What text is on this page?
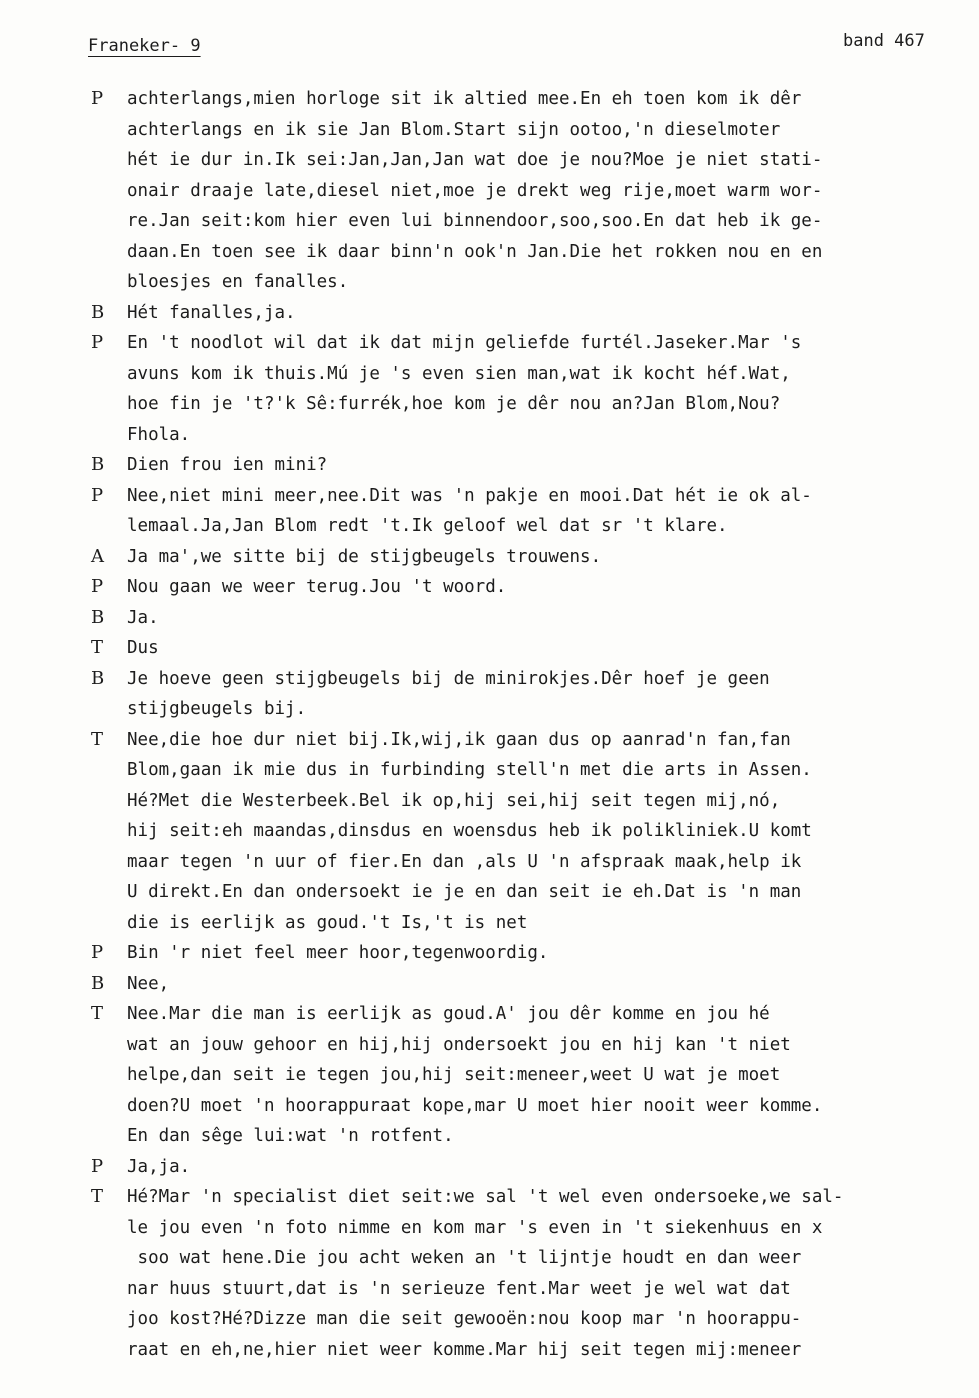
Franeker- 9	band 467
P	achterlangs,mien horloge sit ik altied mee.En eh toen kom ik dêr
achterlangs en ik sie Jan Blom.Start sijn ootoo,'n dieselmoter
hét ie dur in.Ik sei:Jan,Jan,Jan wat doe je nou?Moe je niet stati-
onair draaje late,diesel niet,moe je drekt weg rije,moet warm wor-
re.Jan seit:kom hier even lui binnendoor,soo,soo.En dat heb ik ge-
daan.En toen see ik daar binn'n ook'n Jan.Die het rokken nou en en
bloesjes en fanalles.
B	Hét fanalles,ja.
P	En 't noodlot wil dat ik dat mijn geliefde furtél.Jaseker.Mar 's
avuns kom ik thuis.Mú je 's even sien man,wat ik kocht héf.Wat,
hoe fin je 't?'k Sê:furrék,hoe kom je dêr nou an?Jan Blom,Nou?
Fhola.
B	Dien frou ien mini?
P	Nee,niet mini meer,nee.Dit was 'n pakje en mooi.Dat hét ie ok al-
lemaal.Ja,Jan Blom redt 't.Ik geloof wel dat sr 't klare.
A	Ja ma',we sitte bij de stijgbeugels trouwens.
P	Nou gaan we weer terug.Jou 't woord.
B	Ja.
T	Dus
B	Je hoeve geen stijgbeugels bij de minirokjes.Dêr hoef je geen
stijgbeugels bij.
T	Nee,die hoe dur niet bij.Ik,wij,ik gaan dus op aanrad'n fan,fan
Blom,gaan ik mie dus in furbinding stell'n met die arts in Assen.
Hé?Met die Westerbeek.Bel ik op,hij sei,hij seit tegen mij,nó,
hij seit:eh maandas,dinsdus en woensdus heb ik polikliniek.U komt
maar tegen 'n uur of fier.En dan ,als U 'n afspraak maak,help ik
U direkt.En dan ondersoekt ie je en dan seit ie eh.Dat is 'n man
die is eerlijk as goud.'t Is,'t is net
P	Bin 'r niet feel meer hoor,tegenwoordig.
B	Nee,
T	Nee.Mar die man is eerlijk as goud.A' jou dêr komme en jou hé
wat an jouw gehoor en hij,hij ondersoekt jou en hij kan 't niet
helpe,dan seit ie tegen jou,hij seit:meneer,weet U wat je moet
doen?U moet 'n hoorappuraat kope,mar U moet hier nooit weer komme.
En dan sêge lui:wat 'n rotfent.
P	Ja,ja.
T	Hé?Mar 'n specialist diet seit:we sal 't wel even ondersoeke,we sal-
le jou even 'n foto nimme en kom mar 's even in 't siekenhuus en x
soo wat hene.Die jou acht weken an 't lijntje houdt en dan weer
nar huus stuurt,dat is 'n serieuze fent.Mar weet je wel wat dat
joo kost?Hé?Dizze man die seit gewooën:nou koop mar 'n hoorappu-
raat en eh,ne,hier niet weer komme.Mar hij seit tegen mij:meneer
